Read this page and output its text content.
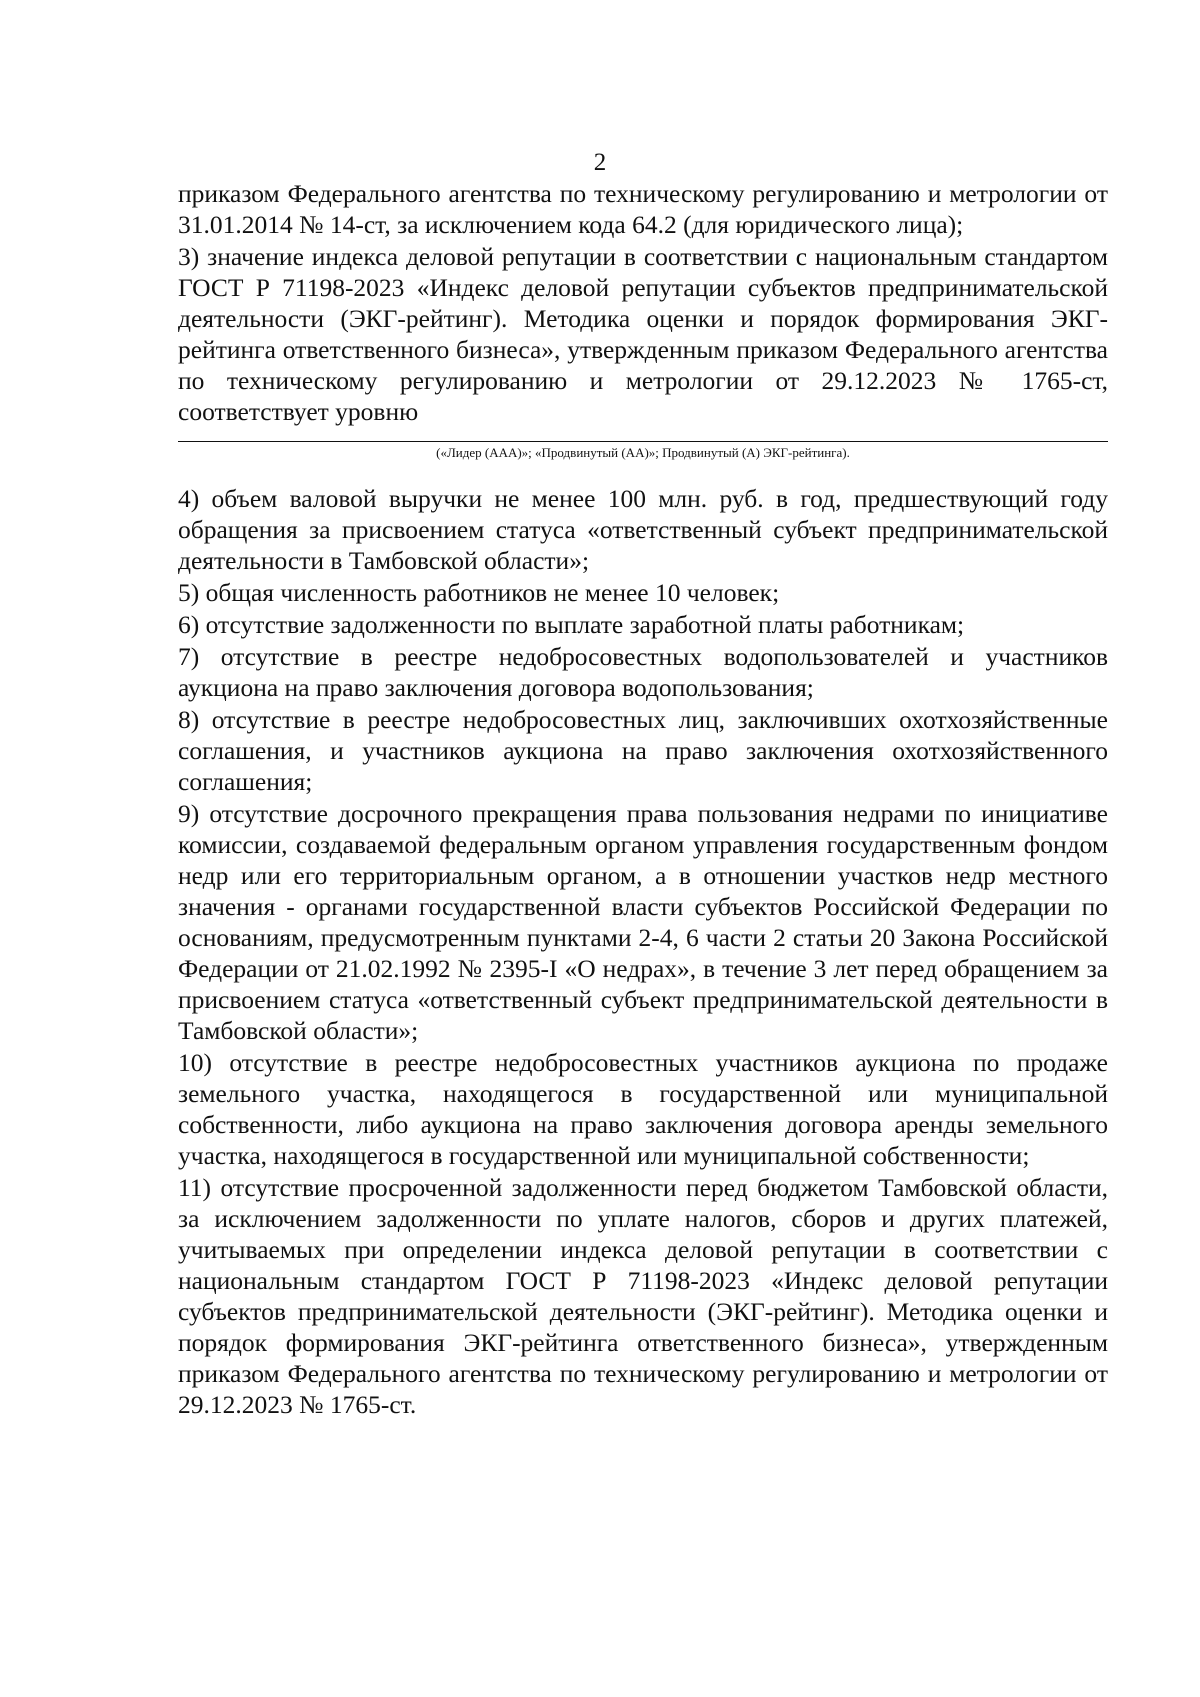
2

приказом Федерального агентства по техническому регулированию и метрологии от 31.01.2014 № 14-ст, за исключением кода 64.2 (для юридического лица);

3) значение индекса деловой репутации в соответствии с национальным стандартом ГОСТ Р 71198-2023 «Индекс деловой репутации субъектов предпринимательской деятельности (ЭКГ-рейтинг). Методика оценки и порядок формирования ЭКГ-рейтинга ответственного бизнеса», утвержденным приказом Федерального агентства по техническому регулированию и метрологии от 29.12.2023 № 1765-ст, соответствует уровню

(«Лидер (ААА)»; «Продвинутый (АА)»; Продвинутый (А) ЭКГ-рейтинга).

4) объем валовой выручки не менее 100 млн. руб. в год, предшествующий году обращения за присвоением статуса «ответственный субъект предпринимательской деятельности в Тамбовской области»;

5) общая численность работников не менее 10 человек;

6) отсутствие задолженности по выплате заработной платы работникам;

7) отсутствие в реестре недобросовестных водопользователей и участников аукциона на право заключения договора водопользования;

8) отсутствие в реестре недобросовестных лиц, заключивших охотхозяйственные соглашения, и участников аукциона на право заключения охотхозяйственного соглашения;

9) отсутствие досрочного прекращения права пользования недрами по инициативе комиссии, создаваемой федеральным органом управления государственным фондом недр или его территориальным органом, а в отношении участков недр местного значения - органами государственной власти субъектов Российской Федерации по основаниям, предусмотренным пунктами 2-4, 6 части 2 статьи 20 Закона Российской Федерации от 21.02.1992 № 2395-I «О недрах», в течение 3 лет перед обращением за присвоением статуса «ответственный субъект предпринимательской деятельности в Тамбовской области»;

10) отсутствие в реестре недобросовестных участников аукциона по продаже земельного участка, находящегося в государственной или муниципальной собственности, либо аукциона на право заключения договора аренды земельного участка, находящегося в государственной или муниципальной собственности;

11) отсутствие просроченной задолженности перед бюджетом Тамбовской области, за исключением задолженности по уплате налогов, сборов и других платежей, учитываемых при определении индекса деловой репутации в соответствии с национальным стандартом ГОСТ Р 71198-2023 «Индекс деловой репутации субъектов предпринимательской деятельности (ЭКГ-рейтинг). Методика оценки и порядок формирования ЭКГ-рейтинга ответственного бизнеса», утвержденным приказом Федерального агентства по техническому регулированию и метрологии от 29.12.2023 № 1765-ст.
